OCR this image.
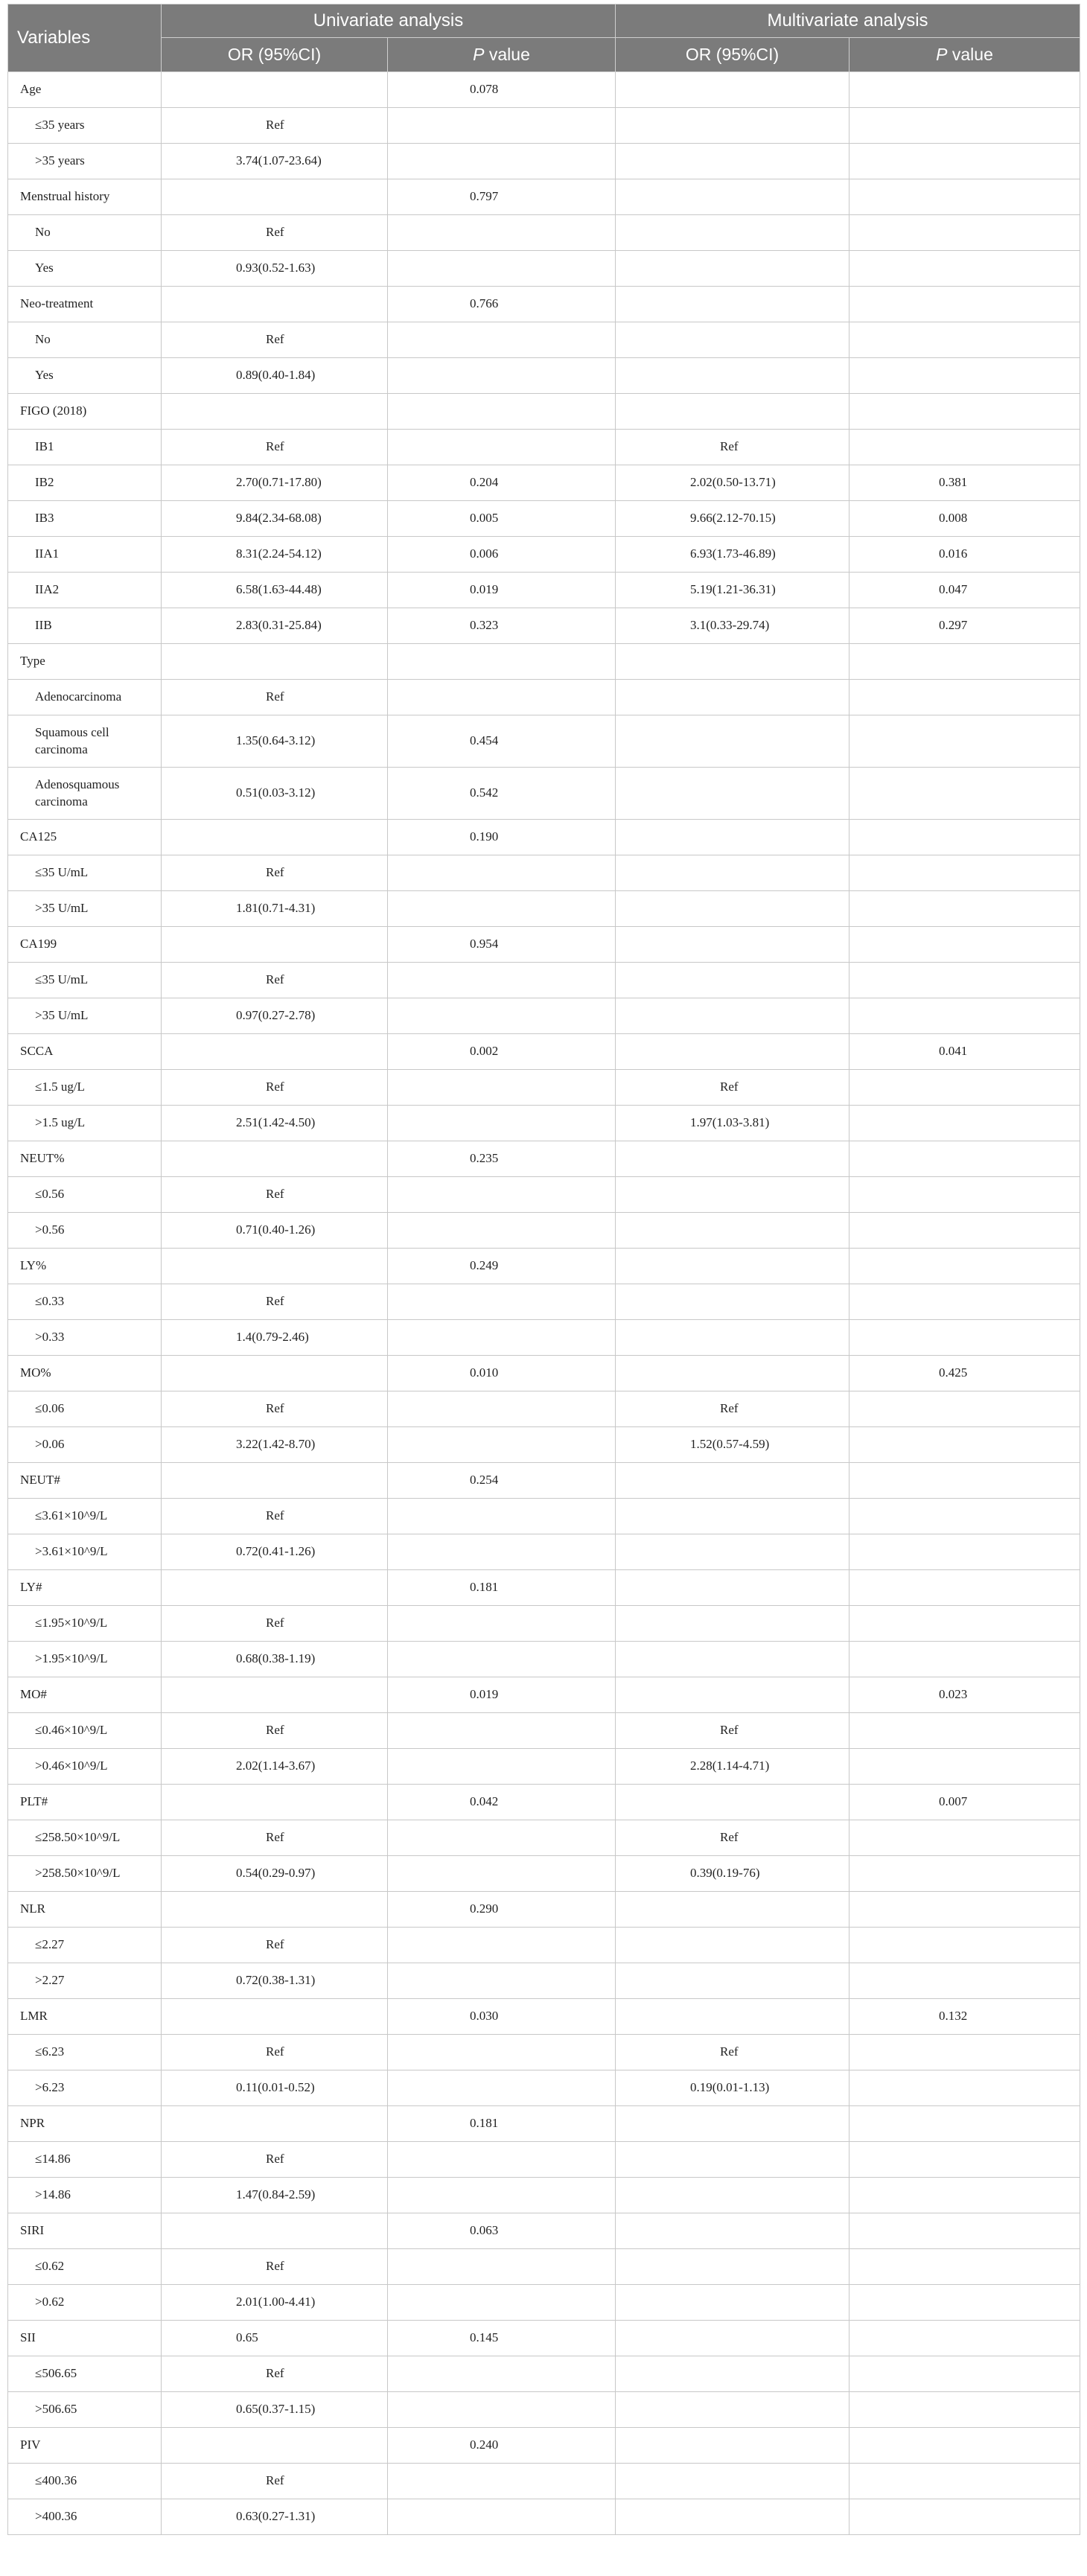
Variables	Univariate analysis		Multivariate analysis	
	OR (95%CI)	P value	OR (95%CI)	P value
Age		0.078		
≤35 years	Ref			
>35 years	3.74(1.07-23.64)			
Menstrual history		0.797		
No	Ref			
Yes	0.93(0.52-1.63)			
Neo-treatment		0.766		
No	Ref			
Yes	0.89(0.40-1.84)			
FIGO (2018)				
IB1	Ref		Ref	
IB2	2.70(0.71-17.80)	0.204	2.02(0.50-13.71)	0.381
IB3	9.84(2.34-68.08)	0.005	9.66(2.12-70.15)	0.008
IIA1	8.31(2.24-54.12)	0.006	6.93(1.73-46.89)	0.016
IIA2	6.58(1.63-44.48)	0.019	5.19(1.21-36.31)	0.047
IIB	2.83(0.31-25.84)	0.323	3.1(0.33-29.74)	0.297
Type				
Adenocarcinoma	Ref			
Squamous cell carcinoma	1.35(0.64-3.12)	0.454		
Adenosquamous carcinoma	0.51(0.03-3.12)	0.542		
CA125		0.190		
≤35 U/mL	Ref			
>35 U/mL	1.81(0.71-4.31)			
CA199		0.954		
≤35 U/mL	Ref			
>35 U/mL	0.97(0.27-2.78)			
SCCA		0.002		0.041
≤1.5 ug/L	Ref		Ref	
>1.5 ug/L	2.51(1.42-4.50)		1.97(1.03-3.81)	
NEUT%		0.235		
≤0.56	Ref			
>0.56	0.71(0.40-1.26)			
LY%		0.249		
≤0.33	Ref			
>0.33	1.4(0.79-2.46)			
MO%		0.010		0.425
≤0.06	Ref		Ref	
>0.06	3.22(1.42-8.70)		1.52(0.57-4.59)	
NEUT#		0.254		
≤3.61×10^9/L	Ref			
>3.61×10^9/L	0.72(0.41-1.26)			
LY#		0.181		
≤1.95×10^9/L	Ref			
>1.95×10^9/L	0.68(0.38-1.19)			
MO#		0.019		0.023
≤0.46×10^9/L	Ref		Ref	
>0.46×10^9/L	2.02(1.14-3.67)		2.28(1.14-4.71)	
PLT#		0.042		0.007
≤258.50×10^9/L	Ref		Ref	
>258.50×10^9/L	0.54(0.29-0.97)		0.39(0.19-76)	
NLR		0.290		
≤2.27	Ref			
>2.27	0.72(0.38-1.31)			
LMR		0.030		0.132
≤6.23	Ref		Ref	
>6.23	0.11(0.01-0.52)		0.19(0.01-1.13)	
NPR		0.181		
≤14.86	Ref			
>14.86	1.47(0.84-2.59)			
SIRI		0.063		
≤0.62	Ref			
>0.62	2.01(1.00-4.41)			
SII	0.65	0.145		
≤506.65	Ref			
>506.65	0.65(0.37-1.15)			
PIV		0.240		
≤400.36	Ref			
>400.36	0.63(0.27-1.31)			
